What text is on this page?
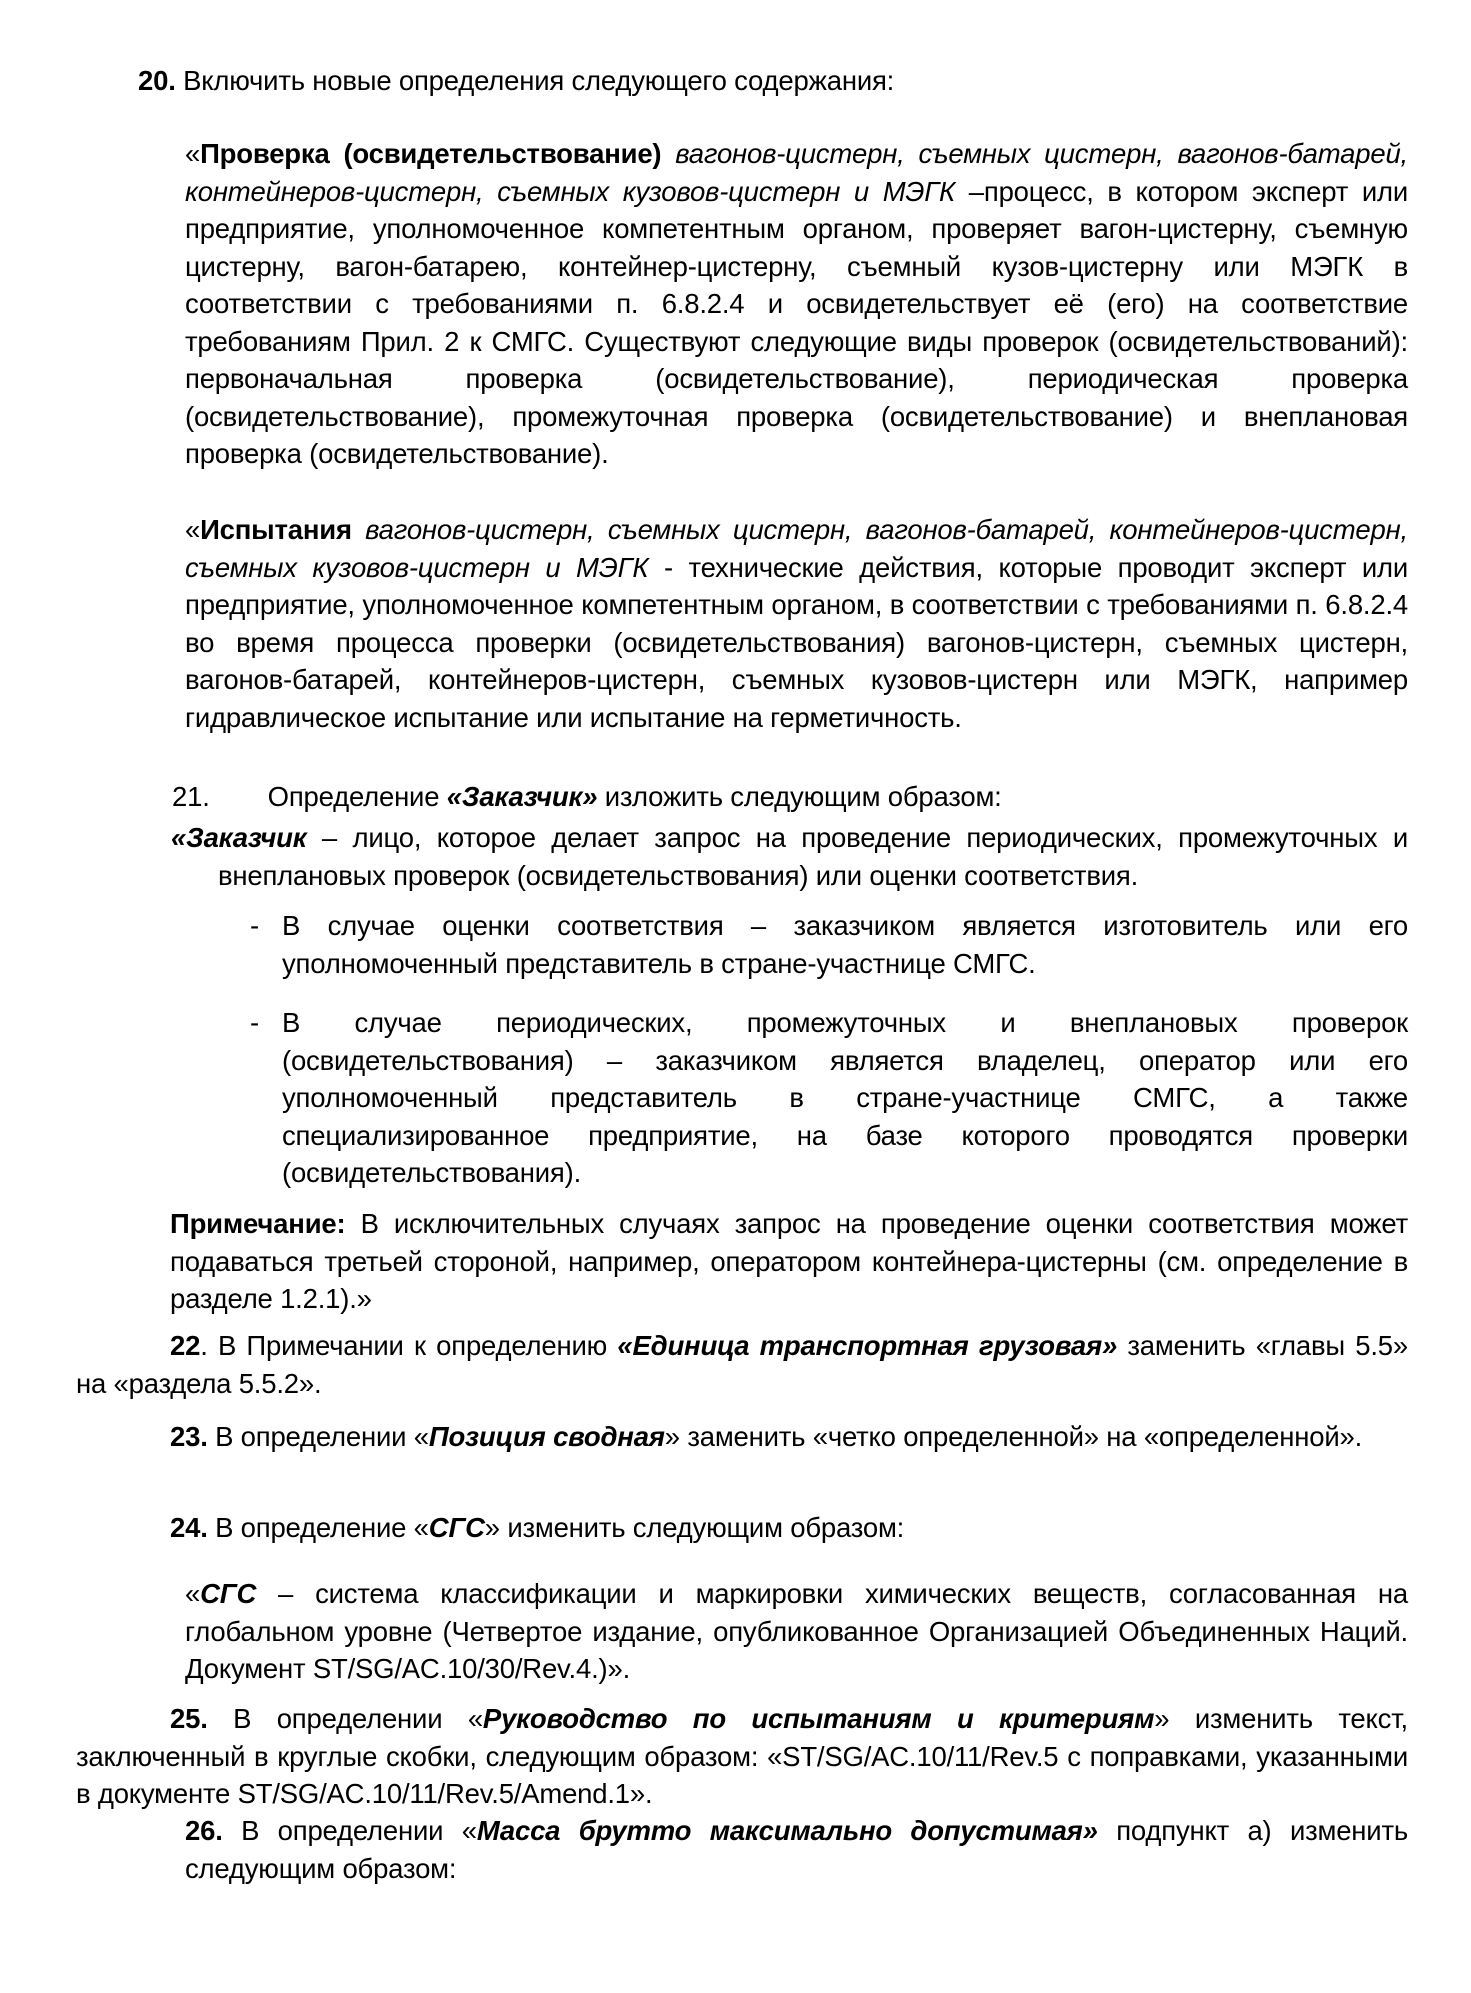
20. Включить новые определения следующего содержания:

«Проверка (освидетельствование) вагонов-цистерн, съемных цистерн, вагонов-батарей, контейнеров-цистерн, съемных кузовов-цистерн и МЭГК –процесс, в котором эксперт или предприятие, уполномоченное компетентным органом, проверяет вагон-цистерну, съемную цистерну, вагон-батарею, контейнер-цистерну, съемный кузов-цистерну или МЭГК в соответствии с требованиями п. 6.8.2.4 и освидетельствует её (его) на соответствие требованиям Прил. 2 к СМГС. Существуют следующие виды проверок (освидетельствований): первоначальная проверка (освидетельствование), периодическая проверка (освидетельствование), промежуточная проверка (освидетельствование) и внеплановая проверка (освидетельствование).

«Испытания вагонов-цистерн, съемных цистерн, вагонов-батарей, контейнеров-цистерн, съемных кузовов-цистерн и МЭГК - технические действия, которые проводит эксперт или предприятие, уполномоченное компетентным органом, в соответствии с требованиями п. 6.8.2.4 во время процесса проверки (освидетельствования) вагонов-цистерн, съемных цистерн, вагонов-батарей, контейнеров-цистерн, съемных кузовов-цистерн или МЭГК, например гидравлическое испытание или испытание на герметичность.

21. Определение «Заказчик» изложить следующим образом:

«Заказчик – лицо, которое делает запрос на проведение периодических, промежуточных и внеплановых проверок (освидетельствования) или оценки соответствия.

- В случае оценки соответствия – заказчиком является изготовитель или его уполномоченный представитель в стране-участнице СМГС.

- В случае периодических, промежуточных и внеплановых проверок (освидетельствования) – заказчиком является владелец, оператор или его уполномоченный представитель в стране-участнице СМГС, а также специализированное предприятие, на базе которого проводятся проверки (освидетельствования).

Примечание: В исключительных случаях запрос на проведение оценки соответствия может подаваться третьей стороной, например, оператором контейнера-цистерны (см. определение в разделе 1.2.1).»

22. В Примечании к определению «Единица транспортная грузовая» заменить «главы 5.5» на «раздела 5.5.2».

23. В определении «Позиция сводная» заменить «четко определенной» на «определенной».

24. В определение «СГС» изменить следующим образом:

«СГС – система классификации и маркировки химических веществ, согласованная на глобальном уровне (Четвертое издание, опубликованное Организацией Объединенных Наций. Документ ST/SG/AC.10/30/Rev.4.)».

25. В определении «Руководство по испытаниям и критериям» изменить текст, заключенный в круглые скобки, следующим образом: «ST/SG/AC.10/11/Rev.5 с поправками, указанными в документе ST/SG/AC.10/11/Rev.5/Amend.1».

26. В определении «Масса брутто максимально допустимая» подпункт а) изменить следующим образом:
